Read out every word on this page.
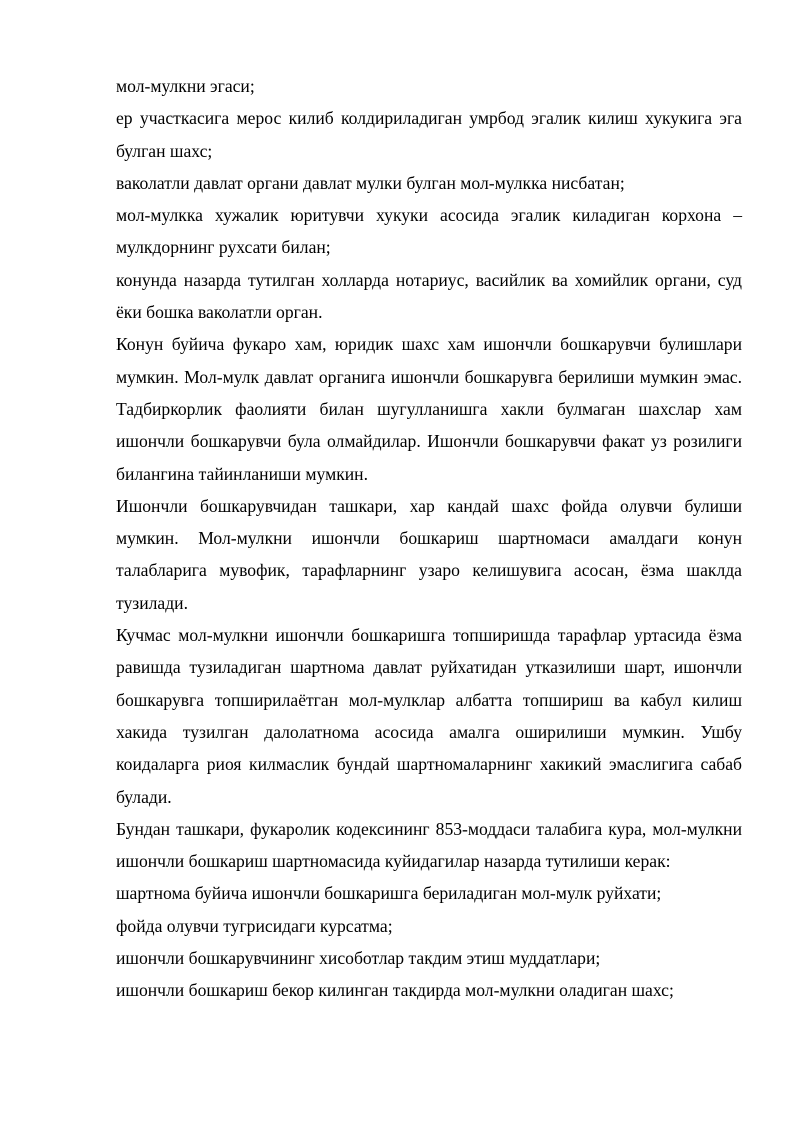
мол-мулкни эгаси;

ер участкасига мерос килиб колдириладиган умрбод эгалик килиш хукукига эга булган шахс;

ваколатли давлат органи давлат мулки булган мол-мулкка нисбатан;

мол-мулкка хужалик юритувчи хукуки асосида эгалик киладиган корхона – мулкдорнинг рухсати билан;

конунда назарда тутилган холларда нотариус, васийлик ва хомийлик органи, суд ёки бошка ваколатли орган.

Конун буйича фукаро хам, юридик шахс хам ишончли бошкарувчи булишлари мумкин. Мол-мулк давлат органига ишончли бошкарувга берилиши мумкин эмас. Тадбиркорлик фаолияти билан шугулланишга хакли булмаган шахслар хам ишончли бошкарувчи була олмайдилар. Ишончли бошкарувчи факат уз розилиги билангина тайинланиши мумкин.

Ишончли бошкарувчидан ташкари, хар кандай шахс фойда олувчи булиши мумкин. Мол-мулкни ишончли бошкариш шартномаси амалдаги конун талабларига мувофик, тарафларнинг узаро келишувига асосан, ёзма шаклда тузилади.

Кучмас мол-мулкни ишончли бошкаришга топширишда тарафлар уртасида ёзма равишда тузиладиган шартнома давлат руйхатидан утказилиши шарт, ишончли бошкарувга топширилаётган мол-мулклар албатта топшириш ва кабул килиш хакида тузилган далолатнома асосида амалга оширилиши мумкин. Ушбу коидаларга риоя килмаслик бундай шартномаларнинг хакикий эмаслигига сабаб булади.

Бундан ташкари, фукаролик кодексининг 853-моддаси талабига кура, мол-мулкни ишончли бошкариш шартномасида куйидагилар назарда тутилиши керак:

шартнома буйича ишончли бошкаришга бериладиган мол-мулк руйхати;

фойда олувчи тугрисидаги курсатма;

ишончли бошкарувчининг хисоботлар такдим этиш муддатлари;

ишончли бошкариш бекор килинган такдирда мол-мулкни оладиган шахс;
